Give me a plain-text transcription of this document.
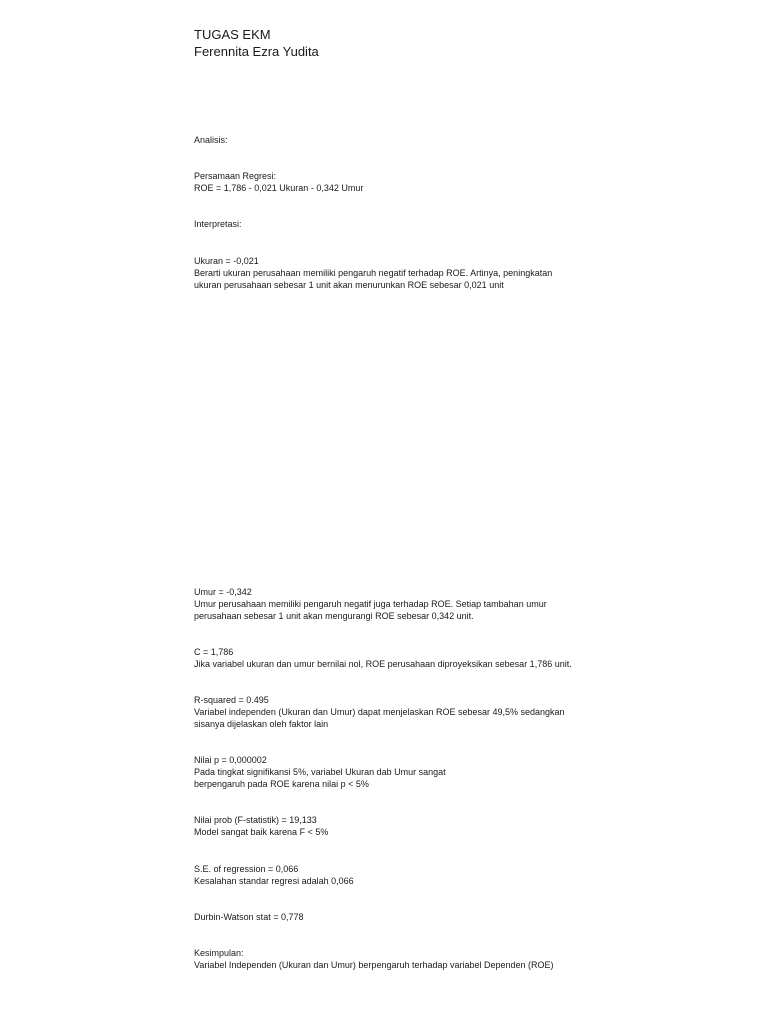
TUGAS EKM
Ferennita Ezra Yudita
Analisis:
Persamaan Regresi:
ROE = 1,786 - 0,021 Ukuran - 0,342 Umur
Interpretasi:
Ukuran = -0,021
Berarti ukuran perusahaan memiliki pengaruh negatif terhadap ROE. Artinya, peningkatan
ukuran perusahaan sebesar 1 unit akan menurunkan ROE sebesar 0,021 unit
Umur = -0,342
Umur perusahaan memiliki pengaruh negatif juga terhadap ROE. Setiap tambahan umur
perusahaan sebesar 1 unit akan mengurangi ROE sebesar 0,342 unit.
C = 1,786
Jika variabel ukuran dan umur bernilai nol, ROE perusahaan diproyeksikan sebesar 1,786 unit.
R-squared = 0.495
Variabel independen (Ukuran dan Umur) dapat menjelaskan ROE sebesar 49,5% sedangkan
sisanya dijelaskan oleh faktor lain
Nilai p = 0,000002
Pada tingkat signifikansi 5%, variabel Ukuran dab Umur sangat
berpengaruh pada ROE karena nilai p < 5%
Nilai prob (F-statistik) = 19,133
Model sangat baik karena F < 5%
S.E. of regression = 0,066
Kesalahan standar regresi adalah 0,066
Durbin-Watson stat = 0,778
Kesimpulan:
Variabel Independen (Ukuran dan Umur) berpengaruh terhadap variabel Dependen (ROE)
